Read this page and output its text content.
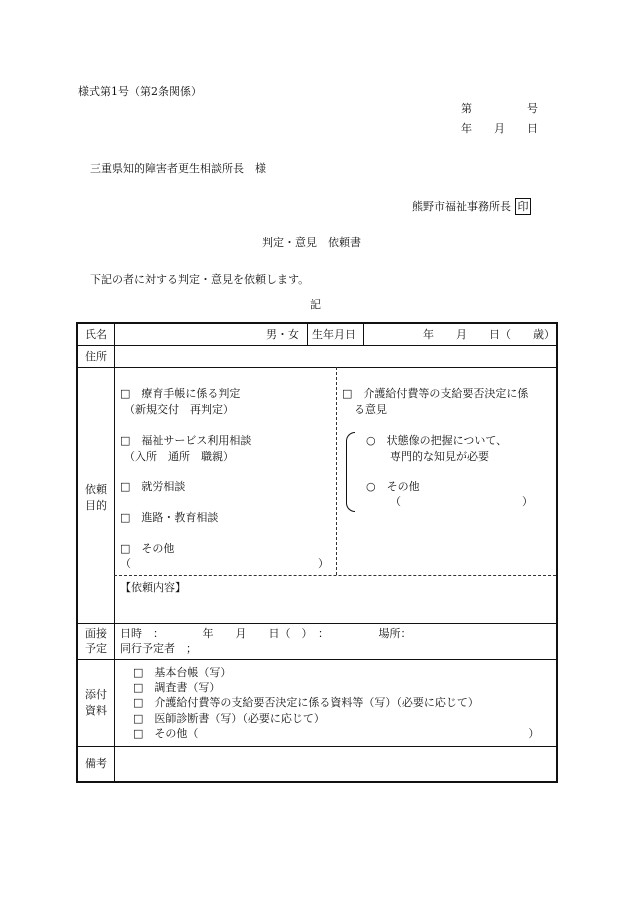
様式第1号（第2条関係）
第　　　　　号
年　　月　　日
三重県知的障害者更生相談所長　様
熊野市福祉事務所長 印
判定・意見　依頼書
下記の者に対する判定・意見を依頼します。
記
氏名	男・女 生年月日	年　　月　　日（　　歳）
住所
依頼
目的
□　療育手帳に係る判定
（新規交付　再判定）
□　福祉サービス利用相談
（入所　通所　職親）
□　就労相談
□　進路・教育相談
□　その他
（　　　　　　　　　　　　　　　　　）
□　介護給付費等の支給要否決定に係
る意見
○　状態像の把握について、
専門的な知見が必要
○　その他
（　　　　　　　　　　　）
【依頼内容】
面接
予定
日時　：　　　　年　　月　　日（　）　：　　　　　場所：
同行予定者　；
添付
資料
□　基本台帳（写）
□　調査書（写）
□　介護給付費等の支給要否決定に係る資料等（写）（必要に応じて）
□　医師診断書（写）（必要に応じて）
□　その他（　　　　　　　　　　　　　　　　　　　　　　　　　　　　　　）
備考
